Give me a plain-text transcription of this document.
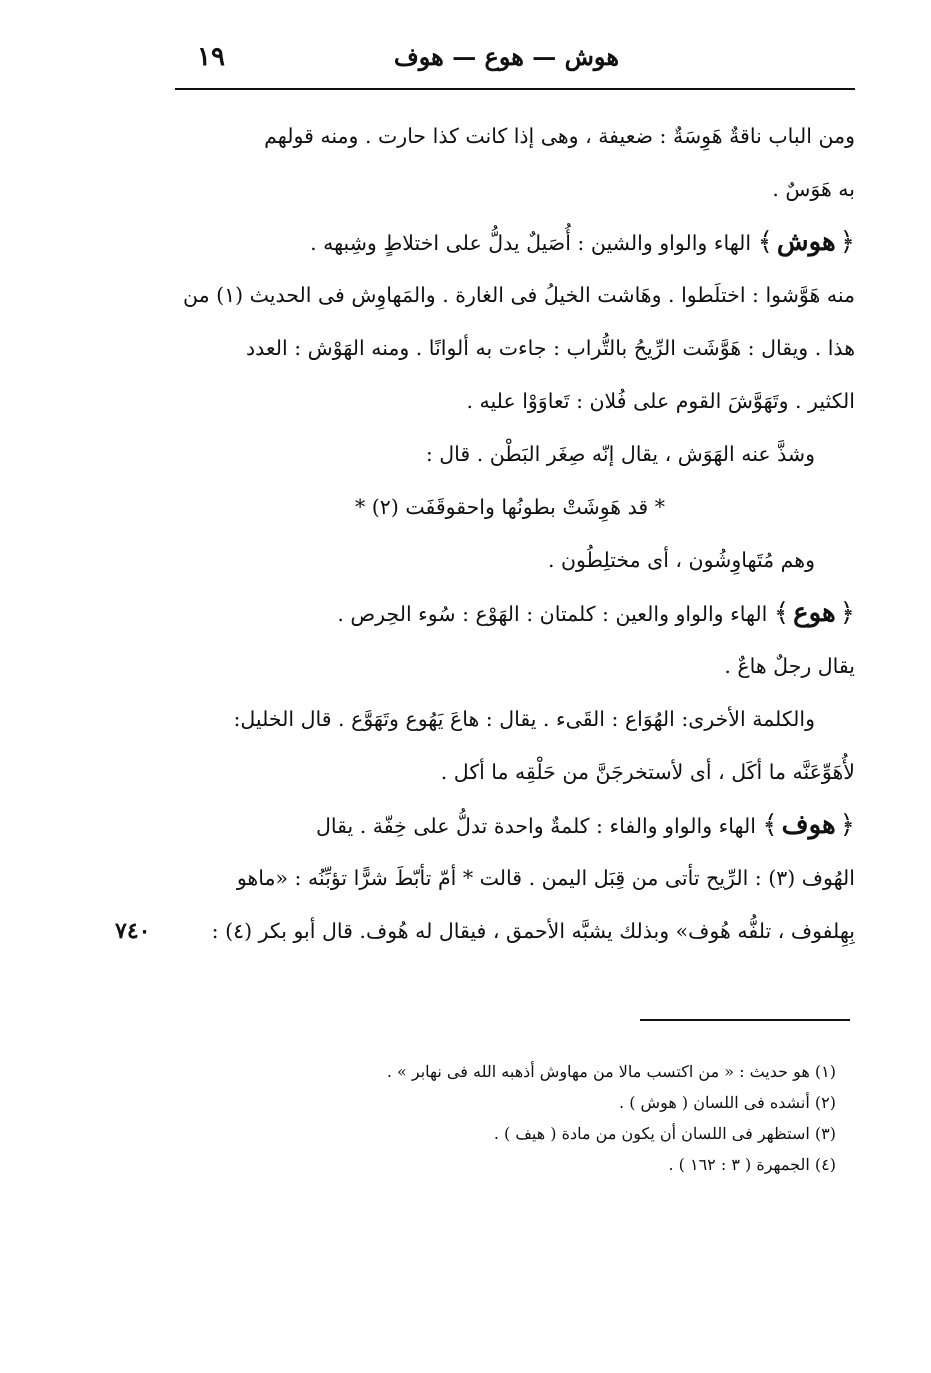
١٩	هوش — هوع — هوف
ومن الباب ناقةٌ هَوِسَةٌ : ضعيفة ، وهى إذا كانت كذا حارت . ومنه قولهم
به هَوَسٌ .
﴿هوش﴾ الهاء والواو والشين : أُصَيلٌ يدلُّ على اختلاطٍ وشِبهه .
منه هَوَّشوا : اختلَطوا . وهَاشت الخيلُ فى الغارة . والمَهاوِش فى الحديث (١) من
هذا . ويقال : هَوَّشَت الرِّيحُ بالتُّراب : جاءت به ألوانًا . ومنه الهَوْش : العدد
الكثير . وتَهَوَّشَ القوم على فُلان : تَعاوَوْا عليه .
وشذَّ عنه الهَوَش ، يقال إنّه صِغَر البَطْن . قال :
* قد هَوِشَتْ بطونُها واحقوقَفَت (٢) *
وهم مُتَهاوِشُون ، أى مختلِطُون .
﴿هوع﴾ الهاء والواو والعين : كلمتان : الهَوْع : سُوء الحِرص .
يقال رجلٌ هاعٌ .
والكلمة الأخرى: الهُوَاع : القَىء . يقال : هاعَ يَهُوع وتَهَوَّع . قال الخليل:
لأُهَوِّعَنَّه ما أكَل ، أى لأستخرجَنَّ من حَلْقِه ما أكل .
﴿هوف﴾ الهاء والواو والفاء : كلمةٌ واحدة تدلُّ على خِفّة . يقال
الهُوف (٣) : الرِّيح تأتى من قِبَل اليمن . قالت * أمّ تأبّطَ شرًّا تؤبِّنُه : «ماهو
بِهِلفوف ، تلفُّه هُوف» وبذلك يشبَّه الأحمق ، فيقال له هُوف. قال أبو بكر (٤) :
٧٤٠
(١) هو حديث : « من اكتسب مالا من مهاوش أذهبه الله فى نهابر » .
(٢) أنشده فى اللسان ( هوش ) .
(٣) استظهر فى اللسان أن يكون من مادة ( هيف ) .
(٤) الجمهرة ( ٣ : ١٦٢ ) .
